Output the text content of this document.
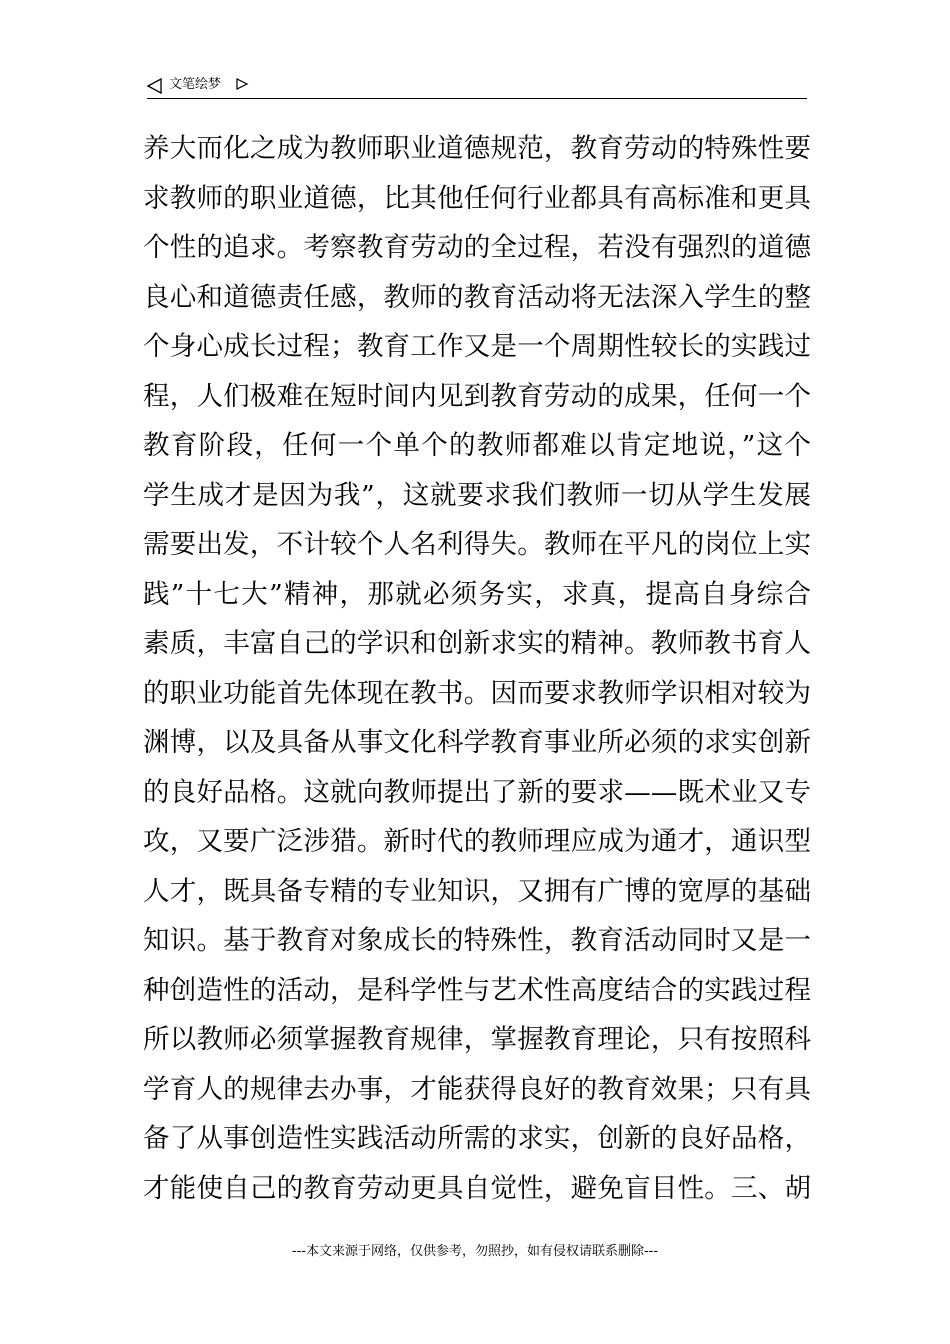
文笔绘梦
养大而化之成为教师职业道德规范，教育劳动的特殊性要
求教师的职业道德，比其他任何行业都具有高标准和更具
个性的追求。考察教育劳动的全过程，若没有强烈的道德
良心和道德责任感，教师的教育活动将无法深入学生的整
个身心成长过程；教育工作又是一个周期性较长的实践过
程，人们极难在短时间内见到教育劳动的成果，任何一个
教育阶段，任何一个单个的教师都难以肯定地说，”这个
学生成才是因为我”，这就要求我们教师一切从学生发展
需要出发，不计较个人名利得失。教师在平凡的岗位上实
践”十七大”精神，那就必须务实，求真，提高自身综合
素质，丰富自己的学识和创新求实的精神。教师教书育人
的职业功能首先体现在教书。因而要求教师学识相对较为
渊博，以及具备从事文化科学教育事业所必须的求实创新
的良好品格。这就向教师提出了新的要求——既术业又专
攻，又要广泛涉猎。新时代的教师理应成为通才，通识型
人才，既具备专精的专业知识，又拥有广博的宽厚的基础
知识。基于教育对象成长的特殊性，教育活动同时又是一
种创造性的活动，是科学性与艺术性高度结合的实践过程
所以教师必须掌握教育规律，掌握教育理论，只有按照科
学育人的规律去办事，才能获得良好的教育效果；只有具
备了从事创造性实践活动所需的求实，创新的良好品格，
才能使自己的教育劳动更具自觉性，避免盲目性。三、胡
---本文来源于网络，仅供参考，勿照抄，如有侵权请联系删除---
